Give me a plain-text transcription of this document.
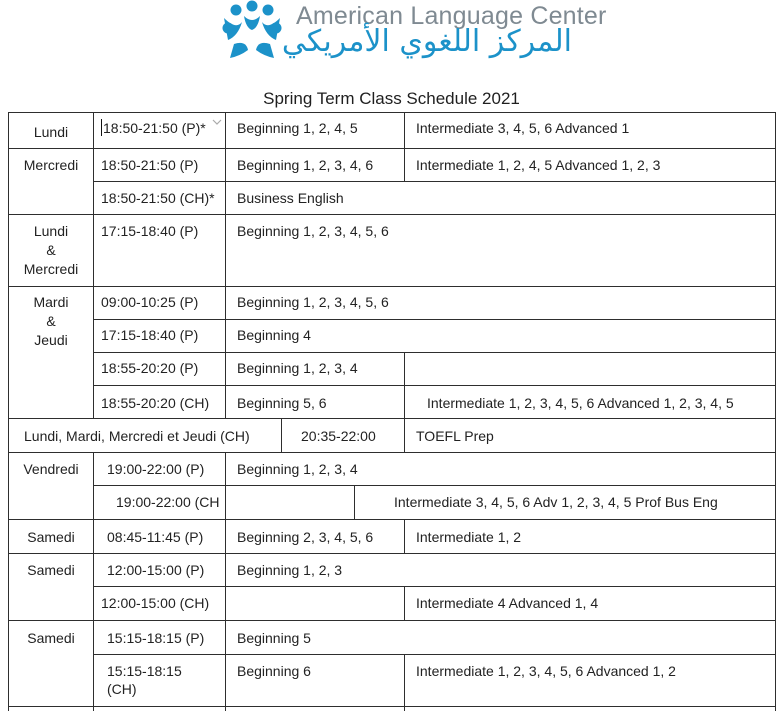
American Language Center
المركز اللغوي الأمريكي
Spring Term Class Schedule 2021
Lundi
Mercredi
Lundi
&
Mercredi
Mardi
&
Jeudi
Lundi, Mardi, Mercredi et Jeudi (CH)
Vendredi
Samedi
Samedi
Samedi
18:50-21:50 (P)*
18:50-21:50 (P)
18:50-21:50 (CH)*
17:15-18:40 (P)
09:00-10:25 (P)
17:15-18:40 (P)
18:55-20:20 (P)
18:55-20:20 (CH)
20:35-22:00
19:00-22:00 (P)
19:00-22:00 (CH
08:45-11:45 (P)
12:00-15:00 (P)
12:00-15:00 (CH)
15:15-18:15 (P)
15:15-18:15
(CH)
Beginning 1, 2, 4, 5
Beginning 1, 2, 3, 4, 6
Business English
Beginning 1, 2, 3, 4, 5, 6
Beginning 1, 2, 3, 4, 5, 6
Beginning 4
Beginning 1, 2, 3, 4
Beginning 5, 6
Beginning 1, 2, 3, 4
Beginning 2, 3, 4, 5, 6
Beginning 1, 2, 3
Beginning 5
Beginning 6
Intermediate 3, 4, 5, 6 Advanced 1
Intermediate 1, 2, 4, 5 Advanced 1, 2, 3
Intermediate 1, 2, 3, 4, 5, 6 Advanced 1, 2, 3, 4, 5
TOEFL Prep
Intermediate 3, 4, 5, 6 Adv 1, 2, 3, 4, 5 Prof Bus Eng
Intermediate 1, 2
Intermediate 4 Advanced 1, 4
Intermediate 1, 2, 3, 4, 5, 6 Advanced 1, 2
